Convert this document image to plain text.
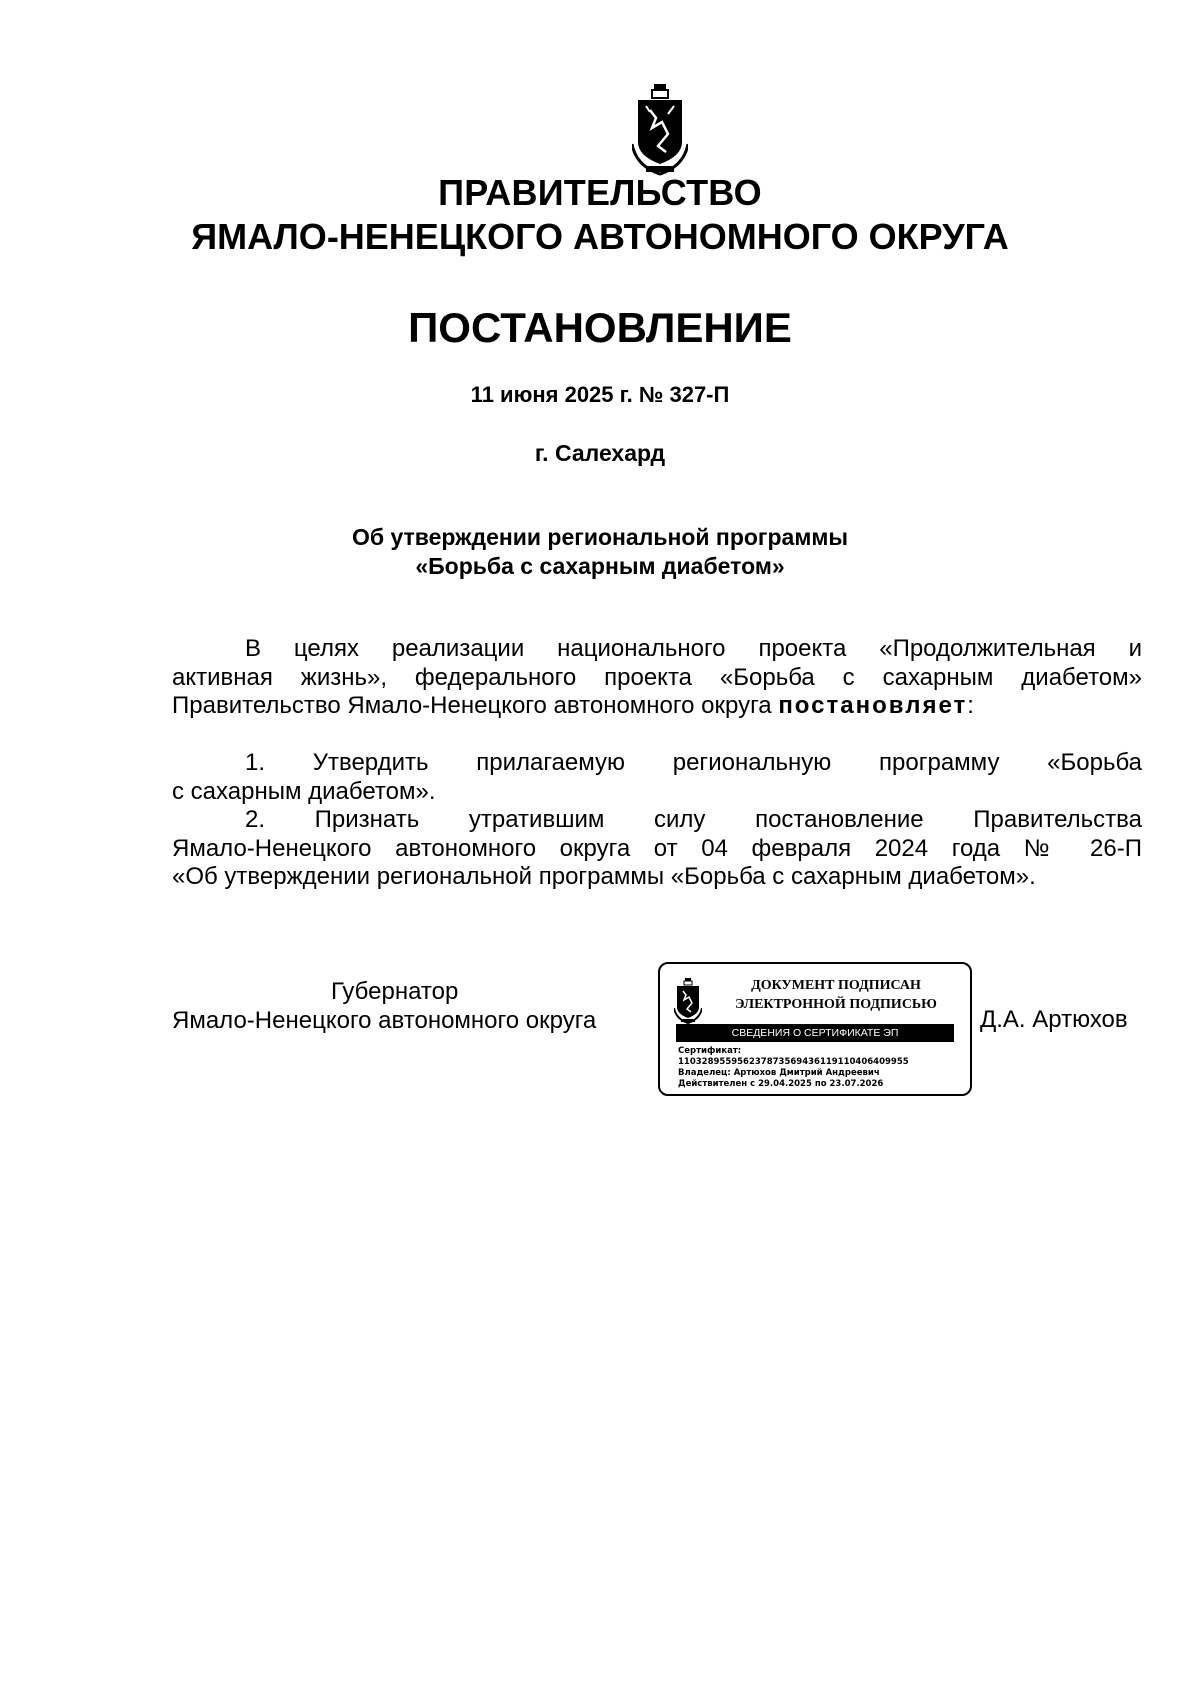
ПРАВИТЕЛЬСТВО
ЯМАЛО-НЕНЕЦКОГО АВТОНОМНОГО ОКРУГА
ПОСТАНОВЛЕНИЕ
11 июня 2025 г. № 327-П
г. Салехард
Об утверждении региональной программы
«Борьба с сахарным диабетом»
В целях реализации национального проекта «Продолжительная и
активная жизнь», федерального проекта «Борьба с сахарным диабетом»
Правительство Ямало-Ненецкого автономного округа постановляет:
1. Утвердить прилагаемую региональную программу «Борьба
с сахарным диабетом».
2. Признать утратившим силу постановление Правительства
Ямало-Ненецкого автономного округа от 04 февраля 2024 года № 26-П
«Об утверждении региональной программы «Борьба с сахарным диабетом».
Губернатор
Ямало-Ненецкого автономного округа
ДОКУМЕНТ ПОДПИСАН
ЭЛЕКТРОННОЙ ПОДПИСЬЮ
СВЕДЕНИЯ О СЕРТИФИКАТЕ ЭП
Сертификат:
110328955956237873569436119110406409955
Владелец: Артюхов Дмитрий Андреевич
Действителен с 29.04.2025 по 23.07.2026
Д.А. Артюхов
